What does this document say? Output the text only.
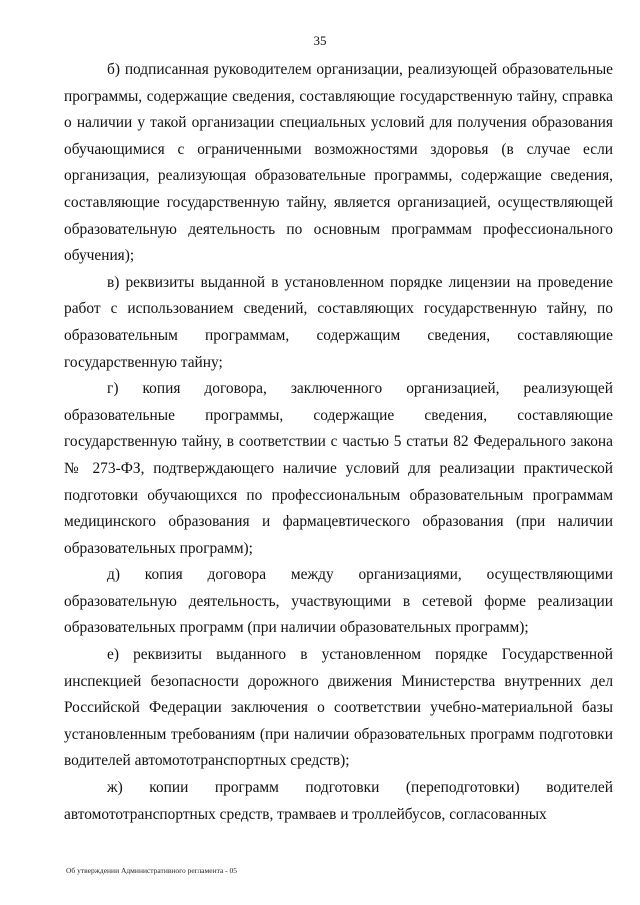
35

б) подписанная руководителем организации, реализующей образовательные программы, содержащие сведения, составляющие государственную тайну, справка о наличии у такой организации специальных условий для получения образования обучающимися с ограниченными возможностями здоровья (в случае если организация, реализующая образовательные программы, содержащие сведения, составляющие государственную тайну, является организацией, осуществляющей образовательную деятельность по основным программам профессионального обучения);

в) реквизиты выданной в установленном порядке лицензии на проведение работ с использованием сведений, составляющих государственную тайну, по образовательным программам, содержащим сведения, составляющие государственную тайну;

г) копия договора, заключенного организацией, реализующей образовательные программы, содержащие сведения, составляющие государственную тайну, в соответствии с частью 5 статьи 82 Федерального закона № 273-ФЗ, подтверждающего наличие условий для реализации практической подготовки обучающихся по профессиональным образовательным программам медицинского образования и фармацевтического образования (при наличии образовательных программ);

д) копия договора между организациями, осуществляющими образовательную деятельность, участвующими в сетевой форме реализации образовательных программ (при наличии образовательных программ);

е) реквизиты выданного в установленном порядке Государственной инспекцией безопасности дорожного движения Министерства внутренних дел Российской Федерации заключения о соответствии учебно-материальной базы установленным требованиям (при наличии образовательных программ подготовки водителей автомототранспортных средств);

ж) копии программ подготовки (переподготовки) водителей автомототранспортных средств, трамваев и троллейбусов, согласованных

Об утверждении Административного регламента - 05
